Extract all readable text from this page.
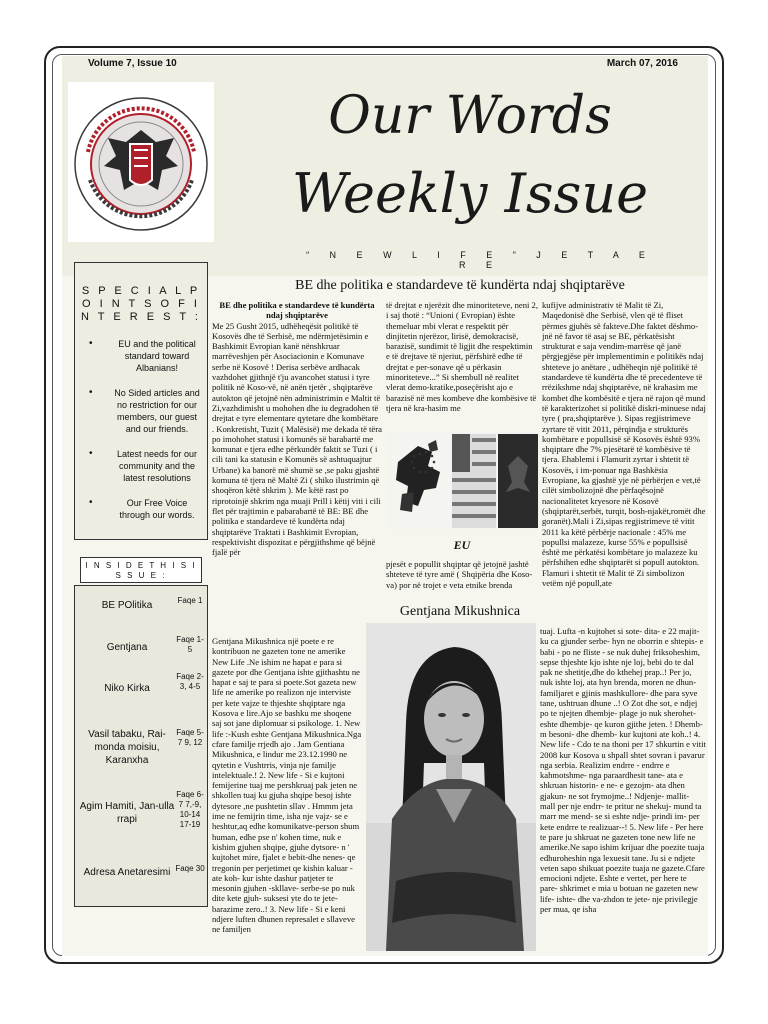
Volume 7, Issue 10	March 07, 2016
Our Words
Weekly Issue
“ N E W L I F E ” J E T A E R E
S P E C I A L P O I N T S O F I N T E R E S T :
• EU and the political standard toward Albanians!
• No Sided articles and no restriction for our members, our guest and our friends.
• Latest needs for our community and the latest resolutions
• Our Free Voice through our words.
I N S I D E T H I S I S S U E :
BE POlitika	Faqe 1
Gentjana
Faqe 1-5
Niko Kirka
Faqe 2-3, 4-5
Vasil tabaku, Rai-monda moisiu, Karanxha
Faqe 5-7 9, 12
Agim Hamiti, Jan-ulla rrapi
Faqe 6-7 7,-9, 10-14 17-19
Adresa Anetaresimi Faqe 30
BE dhe politika e standardeve të kundërta ndaj shqiptarëve
BE dhe politika e standardeve të kundërta ndaj shqiptarëve

Me 25 Gusht 2015, udhëheqësit politikë të Kosovës dhe të Serbisë, me ndërmjetësimin e Bashkimit Evropian kanë nënshkruar marrëveshjen për Asociacionin e Komunave serbe në Kosovë ! Derisa serbëve ardhacak vazhdohet gjithnjë t'ju avancohet statusi i tyre politik në Koso-vë, në anën tjetër , shqiptarëve autokton që jetojnë nën administrimin e Maltit të Zi,vazhdimisht u mohohen dhe iu degradohen të drejtat e tyre elementare qytetare dhe kombëtare . Konkretisht, Tuzit ( Malësisë) me dekada të tëra po imohohet statusi i komunës së barabartë me komunat e tjera edhe përkundër faktit se Tuzi ( i cili tani ka statusin e Komunës së ashtuquajtur Urbane) ka banorë më shumë se ,se paku gjashtë komuna të tjera në Maltë Zi ( shiko ilustrimin që shoqëron këtë shkrim ). Me këtë rast po riprotoinjë shkrim nga muaji Prill i këtij viti i cili flet për trajtimin e pabarabartë të BE: BE dhe politika e standardeve të kundërta ndaj shqiptarëve Traktati i Bashkimit Evropian, respektivisht dispozitat e përgjithshme që bëjnë fjalë për

të drejtat e njerëzit dhe minoriteteve, neni 2, i saj thotë : “Unioni ( Evropian) ështe themeluar mbi vlerat e respektit për dinjitetin njerëzor, lirisë, demokracisë, barazisë, sundimit të ligjit dhe respektimin e të drejtave të njeriut, përfshirë edhe të drejtat e per-sonave që u përkasin minoriteteve...” Si shembull në realitet vlerat demo-kratike,poseçërisht ajo e barazisë në mes kombeve dhe kombësive të tjera në kra-hasim me

EU

pjesët e popullit shqiptar që jetojnë jashtë shteteve të tyre amë ( Shqipëria dhe Koso-va) por në trojet e veta etnike brenda

kufijve administrativ të Malit të Zi, Maqedonisë dhe Serbisë, vlen që të fliset përmes gjuhës së fakteve.Dhe faktet dëshmo-jnë në favor të asaj se BE, përkatësisht strukturat e saja vendim-marrëse që janë përgjegjëse për implementimin e politikës ndaj shteteve jo anëtare , udhëheqin një politikë të standardeve të kundërta dhe të precedenteve të rrëzikshme ndaj shqiptarëve, në krahasim me kombet dhe kombësitë e tjera në rajon që mund të karakterizohet si politikë diskri-minuese ndaj tyre ( pra,shqiptarëve ). Sipas regjistrimeve zyrtare të vitit 2011, përqindja e strukturës kombëtare e popullsisë së Kosovës është 93% shqiptare dhe 7% pjesëtarë të kombësive të tjera. Ehablemi i Flamurit zyrtar i shtetit të Kosovës, i im-ponuar nga Bashkësia Evropiane, ka gjashtë yje në përbërjen e vet,të cilët simbolizojnë dhe përfaqësojnë nacionalitetet kryesore në Kosovë (shqiptarët,serbët, turqit, bosh-njakët,romët dhe goranët).Mali i Zi,sipas regjistrimeve të vitit 2011 ka këtë përbërje nacionale : 45% me popullsi malazeze, kurse 55% e popullsisë është me përkatësi kombëtare jo malazeze ku përfshihen edhe shqiptarët si popull autokton. Flamuri i shtetit të Malit të Zi simbolizon vetëm një popull,ate

Gentjana Mikushnica

Gentjana Mikushnica një poete e re kontribuon ne gazeten tone ne amerike New Life .Ne ishim ne hapat e para si gazete por dhe Gentjana ishte gjithashtu ne hapat e saj te para si poete.Sot gazeta new life ne amerike po realizon nje interviste per kete vajze te thjeshte shqiptare nga Kosova e lire.Ajo se bashku me shoqene saj sot jane diplomuar si psikologe. 1. New life :-Kush eshte Gentjana Mikushnica.Nga cfare familje rrjedh ajo . Jam Gentiana Mikushnica, e lindur me 23.12.1990 ne qytetin e Vushtrris, vinja nje familje intelektuale.! 2. New life - Si e kujtoni femijerine tuaj me pershkruaj pak jeten ne shkollen tuaj ku gjuha shqipe besoj ishte dytesore ,ne pushtetin sllav . Hmmm jeta ime ne femijrin time, isha nje vajz- se e heshtur,aq edhe komunikatve-person shum human, edhe pse n' kohen time, nuk e kishim gjuhen shqipe, gjuhe dytsore- n ' kujtohet mire, fjalet e bebit-dhe nenes- qe tregonin per perjetimet qe kishin kaluar - ate koh- kur ishte dashur patjeter te mesonin gjuhen -skllave- serbe-se po nuk dite kete gjuh- suksesi yte do te jete- barazime zero..! 3. New life - Si e keni ndjere luften dhunen represalet e sllaveve ne familjen

tuaj. Lufta -n kujtohet si sote- dita- e 22 majit- ku ca gjunder serbe- hyn ne oborrin e shtepis- e babi - po ne fliste - se nuk duhej friksoheshim, sepse thjeshte kjo ishte nje loj, bebi do te dal pak ne shetitje,dhe do kthehej prap..! Per jo, nuk ishte loj, ata hyn brenda, moren ne dhun-familjaret e gjinis mashkullore- dhe para syve tane, ushtruan dhune ..! O Zot dhe sot, e ndjej po te njejten dhembje- plage jo nuk sherohet-eshte dhembje- qe kuron gjithe jeten. ! Dhemb-m besoni- dhe dhemb- kur kujtoni ate koh..! 4. New life - Cdo te na thoni per 17 shkurtin e vitit 2008 kur Kosova u shpall shtet sovran i pavarur nga serbia. Realizim endrre - endrre e kahmotshme- nga paraardhesit tane- ata e shkruan historin- e ne- e gezojm- ata dhen gjakun- ne sot frymojme..! Ndjenje- mallit- mall per nje endrr- te pritur ne shekuj- mund ta marr me mend- se si eshte ndje- prindi im- per kete endrre te realizuar--! 5. New life - Per here te pare ju shkruat ne gazeten tone new life ne amerike.Ne sapo ishim krijuar dhe poezite tuaja edhuroheshin nga lexuesit tane. Ju si e ndjete veten sapo shikuat poezite tuaja ne gazete.Cfare emocioni ndjete. Eshte e vertet, per here te pare- shkrimet e mia u botuan ne gazeten new life- ishte- dhe va-zhdon te jete- nje privilegje per mua, qe isha
